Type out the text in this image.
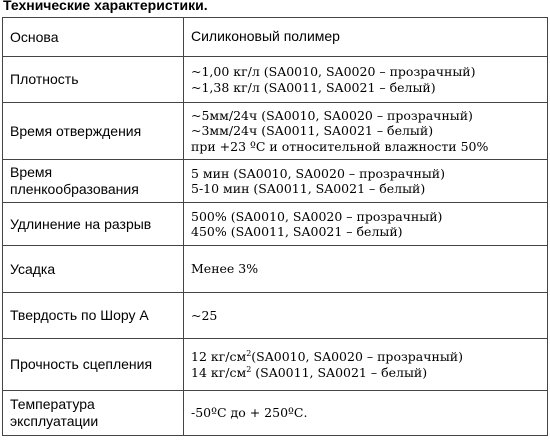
Технические характеристики.
Основа	Силиконовый полимер

Плотность	~1,00 кг/л (SA0010, SA0020 – прозрачный)
~1,38 кг/л (SA0011, SA0021 – белый)

Время отверждения	~5мм/24ч (SA0010, SA0020 – прозрачный)
~3мм/24ч (SA0011, SA0021 – белый)
при +23 ºС и относительной влажности 50%

Время пленкообразования	5 мин (SA0010, SA0020 – прозрачный)
5-10 мин (SA0011, SA0021 – белый)

Удлинение на разрыв	500% (SA0010, SA0020 – прозрачный)
450% (SA0011, SA0021 – белый)

Усадка	Менее 3%

Твердость по Шору А	~25

Прочность сцепления	12 $кг/см^2(SA0010$, SA0020 – прозрачный)
14 $кг/см^2$ (SA0011, SA0021 – белый)

Температура эксплуатации	-50ºС до + 250ºС.
